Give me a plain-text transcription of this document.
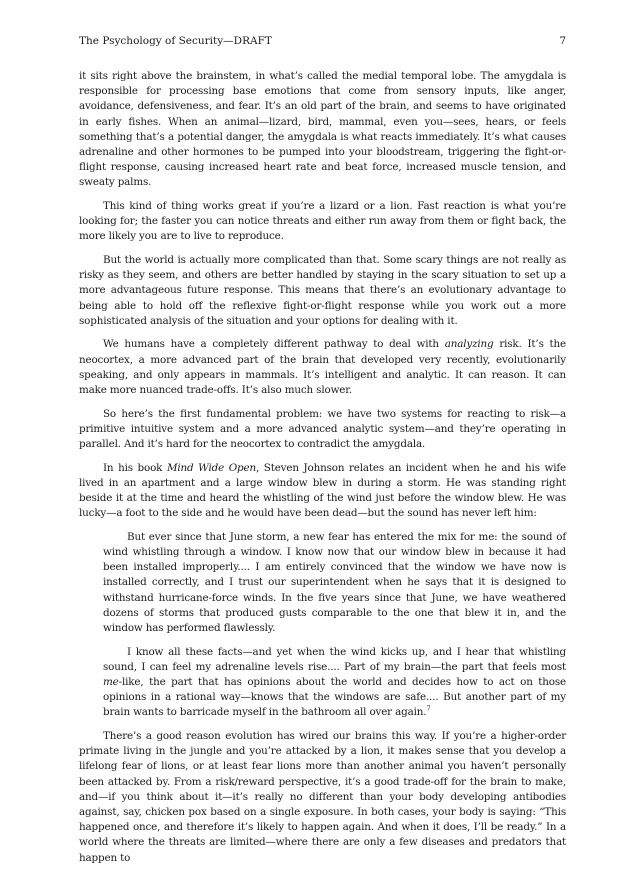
The Psychology of Security—DRAFT	7

it sits right above the brainstem, in what’s called the medial temporal lobe. The amygdala is responsible for processing base emotions that come from sensory inputs, like anger, avoidance, defensiveness, and fear. It’s an old part of the brain, and seems to have originated in early fishes. When an animal—lizard, bird, mammal, even you—sees, hears, or feels something that’s a potential danger, the amygdala is what reacts immediately. It’s what causes adrenaline and other hormones to be pumped into your bloodstream, triggering the fight-or-flight response, causing increased heart rate and beat force, increased muscle tension, and sweaty palms.

This kind of thing works great if you’re a lizard or a lion. Fast reaction is what you’re looking for; the faster you can notice threats and either run away from them or fight back, the more likely you are to live to reproduce.

But the world is actually more complicated than that. Some scary things are not really as risky as they seem, and others are better handled by staying in the scary situation to set up a more advantageous future response. This means that there’s an evolutionary advantage to being able to hold off the reflexive fight-or-flight response while you work out a more sophisticated analysis of the situation and your options for dealing with it.

We humans have a completely different pathway to deal with analyzing risk. It’s the neocortex, a more advanced part of the brain that developed very recently, evolutionarily speaking, and only appears in mammals. It’s intelligent and analytic. It can reason. It can make more nuanced trade-offs. It’s also much slower.

So here’s the first fundamental problem: we have two systems for reacting to risk—a primitive intuitive system and a more advanced analytic system—and they’re operating in parallel. And it’s hard for the neocortex to contradict the amygdala.

In his book Mind Wide Open, Steven Johnson relates an incident when he and his wife lived in an apartment and a large window blew in during a storm. He was standing right beside it at the time and heard the whistling of the wind just before the window blew. He was lucky—a foot to the side and he would have been dead—but the sound has never left him:

But ever since that June storm, a new fear has entered the mix for me: the sound of wind whistling through a window. I know now that our window blew in because it had been installed improperly.... I am entirely convinced that the window we have now is installed correctly, and I trust our superintendent when he says that it is designed to withstand hurricane-force winds. In the five years since that June, we have weathered dozens of storms that produced gusts comparable to the one that blew it in, and the window has performed flawlessly.

I know all these facts—and yet when the wind kicks up, and I hear that whistling sound, I can feel my adrenaline levels rise.... Part of my brain—the part that feels most me-like, the part that has opinions about the world and decides how to act on those opinions in a rational way—knows that the windows are safe.... But another part of my brain wants to barricade myself in the bathroom all over again.$^7$

There’s a good reason evolution has wired our brains this way. If you’re a higher-order primate living in the jungle and you’re attacked by a lion, it makes sense that you develop a lifelong fear of lions, or at least fear lions more than another animal you haven’t personally been attacked by. From a risk/reward perspective, it’s a good trade-off for the brain to make, and—if you think about it—it’s really no different than your body developing antibodies against, say, chicken pox based on a single exposure. In both cases, your body is saying: “This happened once, and therefore it’s likely to happen again. And when it does, I’ll be ready.” In a world where the threats are limited—where there are only a few diseases and predators that happen to
